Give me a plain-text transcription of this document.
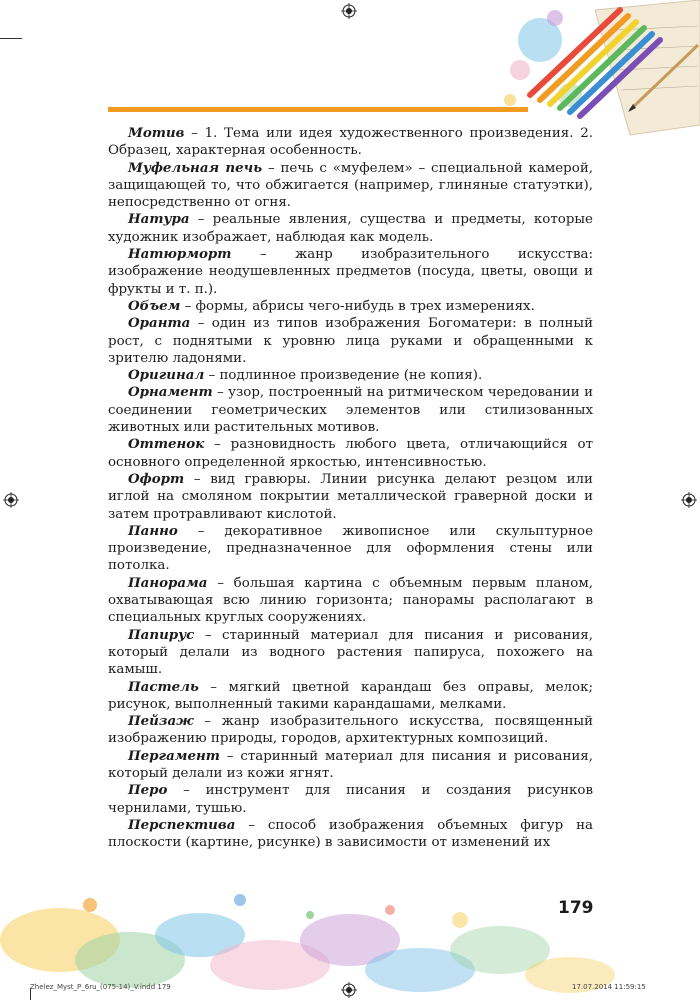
Мотив – 1. Тема или идея художественного произведения. 2. Образец, характерная особенность.

Муфельная печь – печь с «муфелем» – специальной камерой, защищающей то, что обжигается (например, глиняные статуэтки), непосредственно от огня.

Натура – реальные явления, существа и предметы, которые художник изображает, наблюдая как модель.

Натюрморт – жанр изобразительного искусства: изображение неодушевленных предметов (посуда, цветы, овощи и фрукты и т. п.).

Объем – формы, абрисы чего-нибудь в трех измерениях.

Оранта – один из типов изображения Богоматери: в полный рост, с поднятыми к уровню лица руками и обращенными к зрителю ладонями.

Оригинал – подлинное произведение (не копия).

Орнамент – узор, построенный на ритмическом чередовании и соединении геометрических элементов или стилизованных животных или растительных мотивов.

Оттенок – разновидность любого цвета, отличающийся от основного определенной яркостью, интенсивностью.

Офорт – вид гравюры. Линии рисунка делают резцом или иглой на смоляном покрытии металлической граверной доски и затем протравливают кислотой.

Панно – декоративное живописное или скульптурное произведение, предназначенное для оформления стены или потолка.

Панорама – большая картина с объемным первым планом, охватывающая всю линию горизонта; панорамы располагают в специальных круглых сооружениях.

Папирус – старинный материал для писания и рисования, который делали из водного растения папируса, похожего на камыш.

Пастель – мягкий цветной карандаш без оправы, мелок; рисунок, выполненный такими карандашами, мелками.

Пейзаж – жанр изобразительного искусства, посвященный изображению природы, городов, архитектурных композиций.

Пергамент – старинный материал для писания и рисования, который делали из кожи ягнят.

Перо – инструмент для писания и создания рисунков чернилами, тушью.

Перспектива – способ изображения объемных фигур на плоскости (картине, рисунке) в зависимости от изменений их

179
Zhelez_Myst_P_6ru_(075-14)_V.indd 179	17.07.2014 11:59:15
